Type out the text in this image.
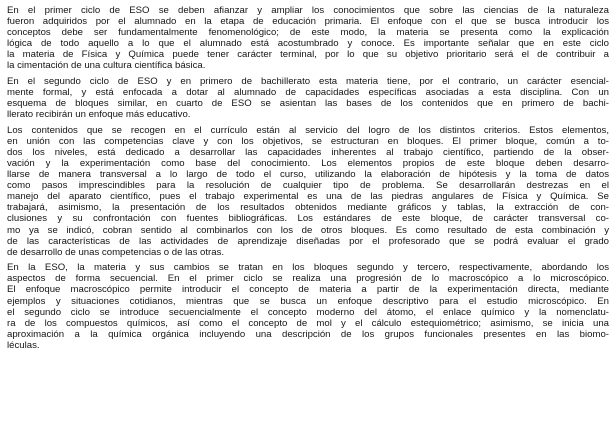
En el primer ciclo de ESO se deben afianzar y ampliar los conocimientos que sobre las ciencias de la naturaleza
fueron adquiridos por el alumnado en la etapa de educación primaria. El enfoque con el que se busca introducir los
conceptos debe ser fundamentalmente fenomenológico; de este modo, la materia se presenta como la explicación
lógica de todo aquello a lo que el alumnado está acostumbrado y conoce. Es importante señalar que en este ciclo
la materia de Física y Química puede tener carácter terminal, por lo que su objetivo prioritario será el de contribuir a
la cimentación de una cultura científica básica.

En el segundo ciclo de ESO y en primero de bachillerato esta materia tiene, por el contrario, un carácter esencial-
mente formal, y está enfocada a dotar al alumnado de capacidades específicas asociadas a esta disciplina. Con un
esquema de bloques similar, en cuarto de ESO se asientan las bases de los contenidos que en primero de bachi-
llerato recibirán un enfoque más educativo.

Los contenidos que se recogen en el currículo están al servicio del logro de los distintos criterios. Estos elementos,
en unión con las competencias clave y con los objetivos, se estructuran en bloques. El primer bloque, común a to-
dos los niveles, está dedicado a desarrollar las capacidades inherentes al trabajo científico, partiendo de la obser-
vación y la experimentación como base del conocimiento. Los elementos propios de este bloque deben desarro-
llarse de manera transversal a lo largo de todo el curso, utilizando la elaboración de hipótesis y la toma de datos
como pasos imprescindibles para la resolución de cualquier tipo de problema. Se desarrollarán destrezas en el
manejo del aparato científico, pues el trabajo experimental es una de las piedras angulares de Física y Química. Se
trabajará, asimismo, la presentación de los resultados obtenidos mediante gráficos y tablas, la extracción de con-
clusiones y su confrontación con fuentes bibliográficas. Los estándares de este bloque, de carácter transversal co-
mo ya se indicó, cobran sentido al combinarlos con los de otros bloques. Es como resultado de esta combinación y
de las características de las actividades de aprendizaje diseñadas por el profesorado que se podrá evaluar el grado
de desarrollo de unas competencias o de las otras.

En la ESO, la materia y sus cambios se tratan en los bloques segundo y tercero, respectivamente, abordando los
aspectos de forma secuencial. En el primer ciclo se realiza una progresión de lo macroscópico a lo microscópico.
El enfoque macroscópico permite introducir el concepto de materia a partir de la experimentación directa, mediante
ejemplos y situaciones cotidianos, mientras que se busca un enfoque descriptivo para el estudio microscópico. En
el segundo ciclo se introduce secuencialmente el concepto moderno del átomo, el enlace químico y la nomenclatu-
ra de los compuestos químicos, así como el concepto de mol y el cálculo estequiométrico; asimismo, se inicia una
aproximación a la química orgánica incluyendo una descripción de los grupos funcionales presentes en las biomo-
léculas.
